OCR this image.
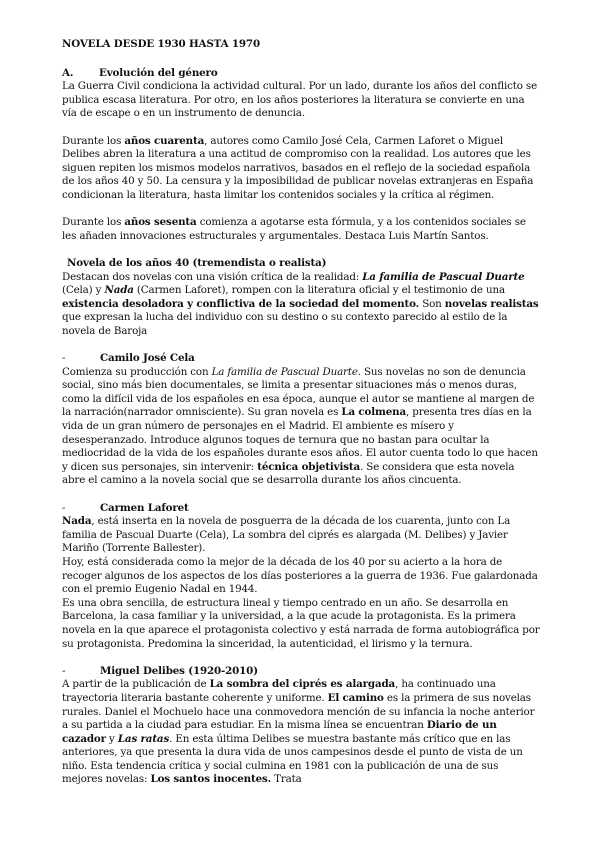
NOVELA DESDE 1930 HASTA 1970

A. Evolución del género

La Guerra Civil condiciona la actividad cultural. Por un lado, durante los años del conflicto se publica escasa literatura. Por otro, en los años posteriores la literatura se convierte en una vía de escape o en un instrumento de denuncia.

Durante los años cuarenta, autores como Camilo José Cela, Carmen Laforet o Miguel Delibes abren la literatura a una actitud de compromiso con la realidad. Los autores que les siguen repiten los mismos modelos narrativos, basados en el reflejo de la sociedad española de los años 40 y 50. La censura y la imposibilidad de publicar novelas extranjeras en España condicionan la literatura, hasta limitar los contenidos sociales y la crítica al régimen.

Durante los años sesenta comienza a agotarse esta fórmula, y a los contenidos sociales se les añaden innovaciones estructurales y argumentales. Destaca Luis Martín Santos.

Novela de los años 40 (tremendista o realista)

Destacan dos novelas con una visión crítica de la realidad: La familia de Pascual Duarte (Cela) y Nada (Carmen Laforet), rompen con la literatura oficial y el testimonio de una existencia desoladora y conflictiva de la sociedad del momento. Son novelas realistas que expresan la lucha del individuo con su destino o su contexto parecido al estilo de la novela de Baroja

-	Camilo José Cela

Comienza su producción con La familia de Pascual Duarte. Sus novelas no son de denuncia social, sino más bien documentales, se limita a presentar situaciones más o menos duras, como la difícil vida de los españoles en esa época, aunque el autor se mantiene al margen de la narración(narrador omnisciente). Su gran novela es La colmena, presenta tres días en la vida de un gran número de personajes en el Madrid. El ambiente es mísero y desesperanzado. Introduce algunos toques de ternura que no bastan para ocultar la mediocridad de la vida de los españoles durante esos años. El autor cuenta todo lo que hacen y dicen sus personajes, sin intervenir: técnica objetivista. Se considera que esta novela abre el camino a la novela social que se desarrolla durante los años cincuenta.

-	Carmen Laforet

Nada, está inserta en la novela de posguerra de la década de los cuarenta, junto con La familia de Pascual Duarte (Cela), La sombra del ciprés es alargada (M. Delibes) y Javier Mariño (Torrente Ballester).

Hoy, está considerada como la mejor de la década de los 40 por su acierto a la hora de recoger algunos de los aspectos de los días posteriores a la guerra de 1936. Fue galardonada con el premio Eugenio Nadal en 1944.

Es una obra sencilla, de estructura lineal y tiempo centrado en un año. Se desarrolla en Barcelona, la casa familiar y la universidad, a la que acude la protagonista. Es la primera novela en la que aparece el protagonista colectivo y está narrada de forma autobiográfica por su protagonista. Predomina la sinceridad, la autenticidad, el lirismo y la ternura.

-	Miguel Delibes (1920-2010)

A partir de la publicación de La sombra del ciprés es alargada, ha continuado una trayectoria literaria bastante coherente y uniforme. El camino es la primera de sus novelas rurales. Daniel el Mochuelo hace una conmovedora mención de su infancia la noche anterior a su partida a la ciudad para estudiar. En la misma línea se encuentran Diario de un cazador y Las ratas. En esta última Delibes se muestra bastante más crítico que en las anteriores, ya que presenta la dura vida de unos campesinos desde el punto de vista de un niño. Esta tendencia crítica y social culmina en 1981 con la publicación de una de sus mejores novelas: Los santos inocentes. Trata
